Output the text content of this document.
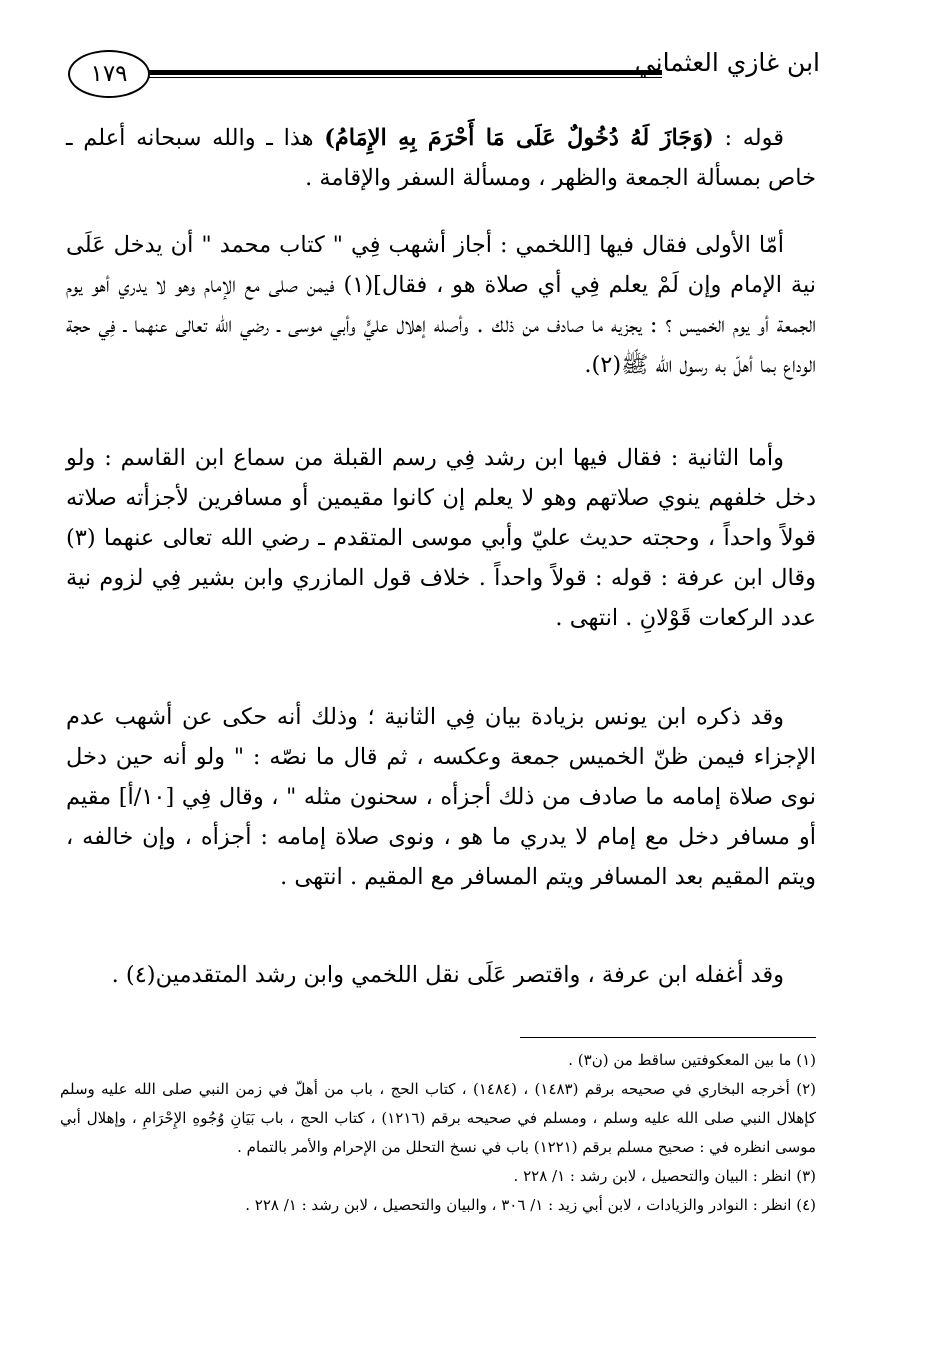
١٧٩	ابن غازي العثماني

قوله : (وَجَازَ لَهُ دُخُولٌ عَلَى مَا أَحْرَمَ بِهِ الإِمَامُ) هذا ـ والله سبحانه أعلم ـ خاص بمسألة الجمعة والظهر ، ومسألة السفر والإقامة .

أمّا الأولى فقال فيها [اللخمي : أجاز أشهب فِي " كتاب محمد " أن يدخل عَلَى نية الإمام وإن لَمْ يعلم فِي أي صلاة هو ، فقال](١) فيمن صلى مع الإمام وهو لا يدري أهو يوم الجمعة أو يوم الخميس ؟ : يجزيه ما صادف من ذلك . وأصله إهلال عليٍّ وأبي موسى ـ رضي الله تعالى عنهما ـ فِي حجة الوداع بما أهلّ به رسول الله ﷺ(٢).

وأما الثانية : فقال فيها ابن رشد فِي رسم القبلة من سماع ابن القاسم : ولو دخل خلفهم ينوي صلاتهم وهو لا يعلم إن كانوا مقيمين أو مسافرين لأجزأته صلاته قولاً واحداً ، وحجته حديث عليّ وأبي موسى المتقدم ـ رضي الله تعالى عنهما (٣) وقال ابن عرفة : قوله : قولاً واحداً . خلاف قول المازري وابن بشير فِي لزوم نية عدد الركعات قَوْلانِ . انتهى .

وقد ذكره ابن يونس بزيادة بيان فِي الثانية ؛ وذلك أنه حكى عن أشهب عدم الإجزاء فيمن ظنّ الخميس جمعة وعكسه ، ثم قال ما نصّه : " ولو أنه حين دخل نوى صلاة إمامه ما صادف من ذلك أجزأه ، سحنون مثله " ، وقال فِي [١٠/أ] مقيم أو مسافر دخل مع إمام لا يدري ما هو ، ونوى صلاة إمامه : أجزأه ، وإن خالفه ، ويتم المقيم بعد المسافر ويتم المسافر مع المقيم . انتهى .

وقد أغفله ابن عرفة ، واقتصر عَلَى نقل اللخمي وابن رشد المتقدمين(٤) .

(١) ما بين المعكوفتين ساقط من (ن٣) .

(٢) أخرجه البخاري في صحيحه برقم (١٤٨٣) ، (١٤٨٤) ، كتاب الحج ، باب من أهلّ في زمن النبي صلى الله عليه وسلم كإهلال النبي صلى الله عليه وسلم ، ومسلم في صحيحه برقم (١٢١٦) ، كتاب الحج ، باب بَيَانِ وُجُوهِ الإِحْرَامِ ، وإهلال أبي موسى انظره في : صحيح مسلم برقم (١٢٢١) باب في نسخ التحلل من الإحرام والأمر بالتمام .

(٣) انظر : البيان والتحصيل ، لابن رشد : ١/ ٢٢٨ .

(٤) انظر : النوادر والزيادات ، لابن أبي زيد : ١/ ٣٠٦ ، والبيان والتحصيل ، لابن رشد : ١/ ٢٢٨ .
